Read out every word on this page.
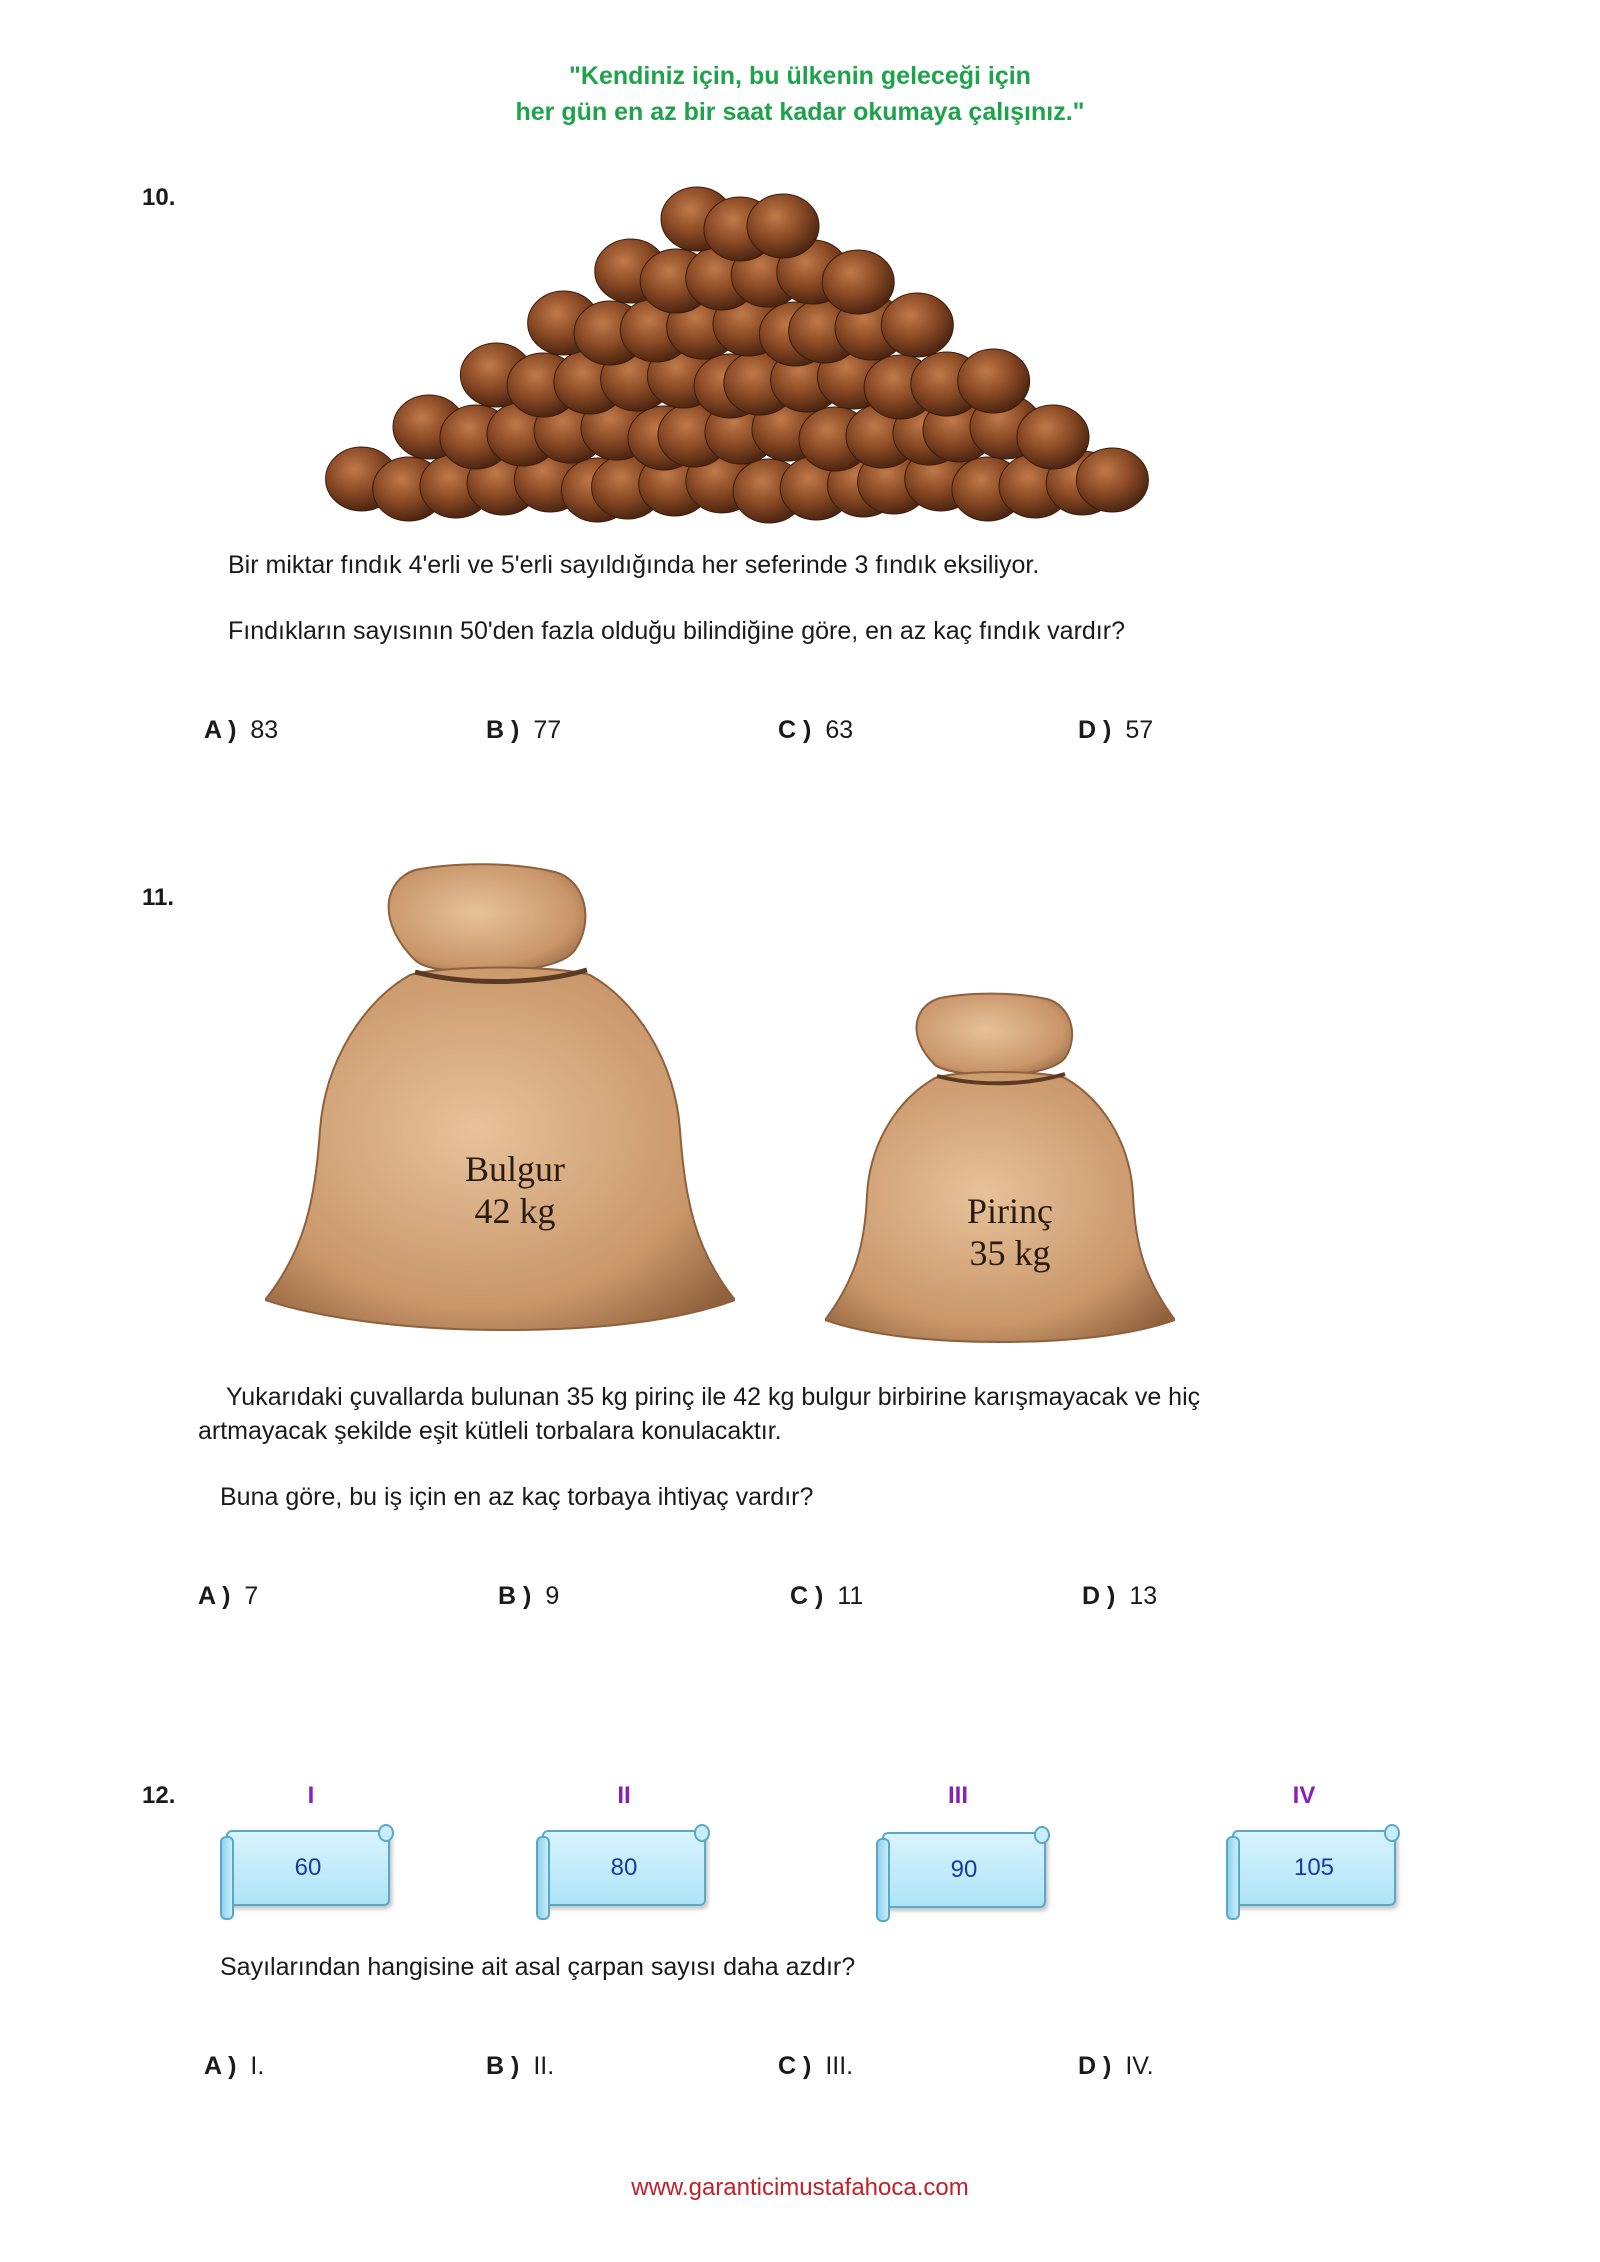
"Kendiniz için, bu ülkenin geleceği için
her gün en az bir saat kadar okumaya çalışınız."
10.
Bir miktar fındık 4'erli ve 5'erli sayıldığında her seferinde 3 fındık eksiliyor.
Fındıkların sayısının 50'den fazla olduğu bilindiğine göre, en az kaç fındık vardır?
A ) 83	B ) 77	C ) 63	D ) 57
11.
Bulgur
42 kg	Pirinç
35 kg
Yukarıdaki çuvallarda bulunan 35 kg pirinç ile 42 kg bulgur birbirine karışmayacak ve hiç
artmayacak şekilde eşit kütleli torbalara konulacaktır.
Buna göre, bu iş için en az kaç torbaya ihtiyaç vardır?
A ) 7	B ) 9	C ) 11	D ) 13
12.	I	II	III	IV
60	80	90	105
Sayılarından hangisine ait asal çarpan sayısı daha azdır?
A ) I.	B ) II.	C ) III.	D ) IV.
www.garanticimustafahoca.com
